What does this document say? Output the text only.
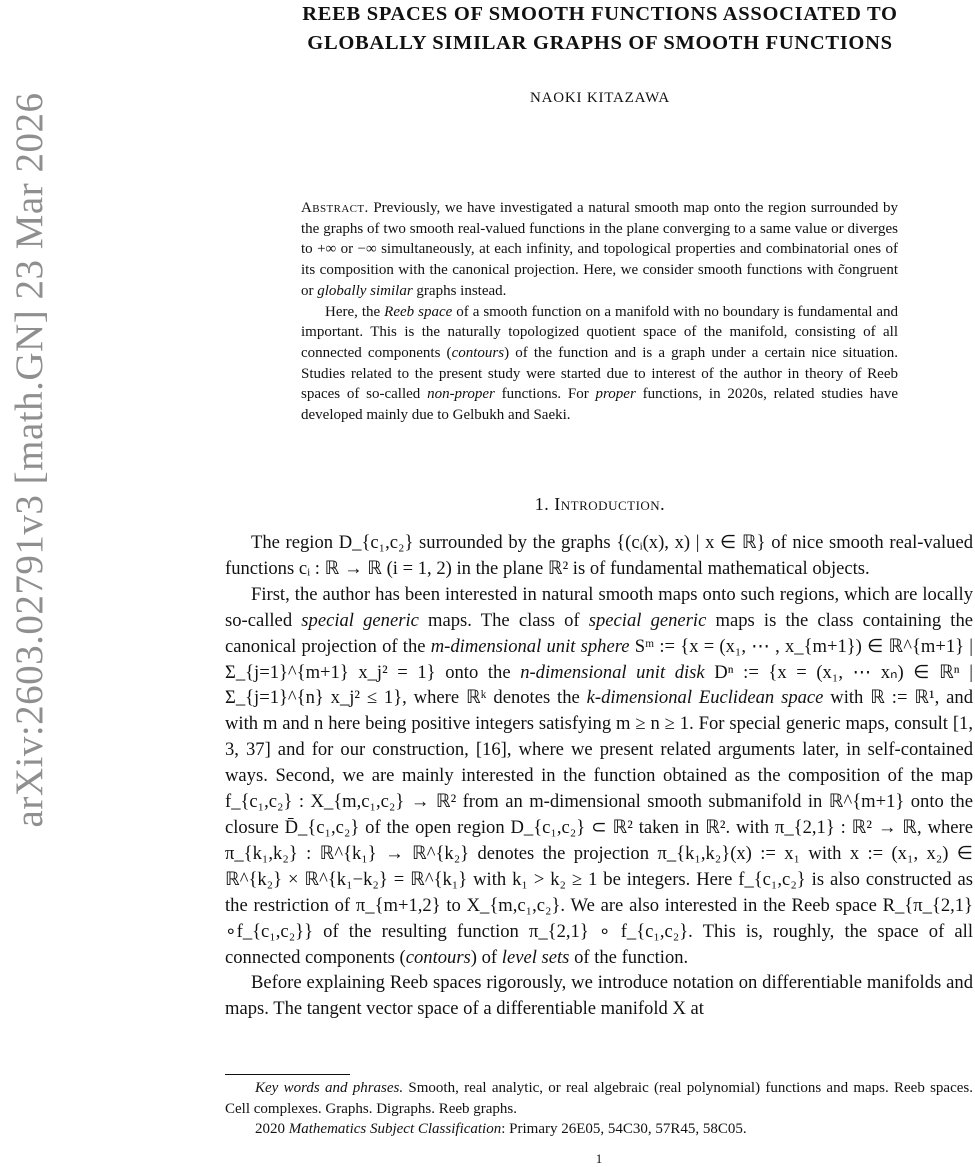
arXiv:2603.02791v3 [math.GN] 23 Mar 2026
REEB SPACES OF SMOOTH FUNCTIONS ASSOCIATED TO
GLOBALLY SIMILAR GRAPHS OF SMOOTH FUNCTIONS
NAOKI KITAZAWA

Abstract. Previously, we have investigated a natural smooth map onto the region surrounded by the graphs of two smooth real-valued functions in the plane converging to a same value or diverges to +∞ or −∞ simultaneously, at each infinity, and topological properties and combinatorial ones of its composition with the canonical projection. Here, we consider smooth functions with c̃ongruent or globally similar graphs instead.

Here, the Reeb space of a smooth function on a manifold with no boundary is fundamental and important. This is the naturally topologized quotient space of the manifold, consisting of all connected components (contours) of the function and is a graph under a certain nice situation. Studies related to the present study were started due to interest of the author in theory of Reeb spaces of so-called non-proper functions. For proper functions, in 2020s, related studies have developed mainly due to Gelbukh and Saeki.

1. Introduction.

The region D_{c₁,c₂} surrounded by the graphs {(cᵢ(x), x) | x ∈ ℝ} of nice smooth real-valued functions cᵢ : ℝ → ℝ (i = 1, 2) in the plane ℝ² is of fundamental mathematical objects.

First, the author has been interested in natural smooth maps onto such regions, which are locally so-called special generic maps. The class of special generic maps is the class containing the canonical projection of the m-dimensional unit sphere Sᵐ := {x = (x₁, ⋯ , x_{m+1}) ∈ ℝ^{m+1} | Σ_{j=1}^{m+1} x_j² = 1} onto the n-dimensional unit disk Dⁿ := {x = (x₁, ⋯ xₙ) ∈ ℝⁿ | Σ_{j=1}^{n} x_j² ≤ 1}, where ℝᵏ denotes the k-dimensional Euclidean space with ℝ := ℝ¹, and with m and n here being positive integers satisfying m ≥ n ≥ 1. For special generic maps, consult [1, 3, 37] and for our construction, [16], where we present related arguments later, in self-contained ways. Second, we are mainly interested in the function obtained as the composition of the map f_{c₁,c₂} : X_{m,c₁,c₂} → ℝ² from an m-dimensional smooth submanifold in ℝ^{m+1} onto the closure D̄_{c₁,c₂} of the open region D_{c₁,c₂} ⊂ ℝ² taken in ℝ². with π_{2,1} : ℝ² → ℝ, where π_{k₁,k₂} : ℝ^{k₁} → ℝ^{k₂} denotes the projection π_{k₁,k₂}(x) := x₁ with x := (x₁, x₂) ∈ ℝ^{k₂} × ℝ^{k₁−k₂} = ℝ^{k₁} with k₁ > k₂ ≥ 1 be integers. Here f_{c₁,c₂} is also constructed as the restriction of π_{m+1,2} to X_{m,c₁,c₂}. We are also interested in the Reeb space R_{π_{2,1}∘f_{c₁,c₂}} of the resulting function π_{2,1} ∘ f_{c₁,c₂}. This is, roughly, the space of all connected components (contours) of level sets of the function.

Before explaining Reeb spaces rigorously, we introduce notation on differentiable manifolds and maps. The tangent vector space of a differentiable manifold X at

Key words and phrases. Smooth, real analytic, or real algebraic (real polynomial) functions and maps. Reeb spaces. Cell complexes. Graphs. Digraphs. Reeb graphs.

2020 Mathematics Subject Classification: Primary 26E05, 54C30, 57R45, 58C05.

1
